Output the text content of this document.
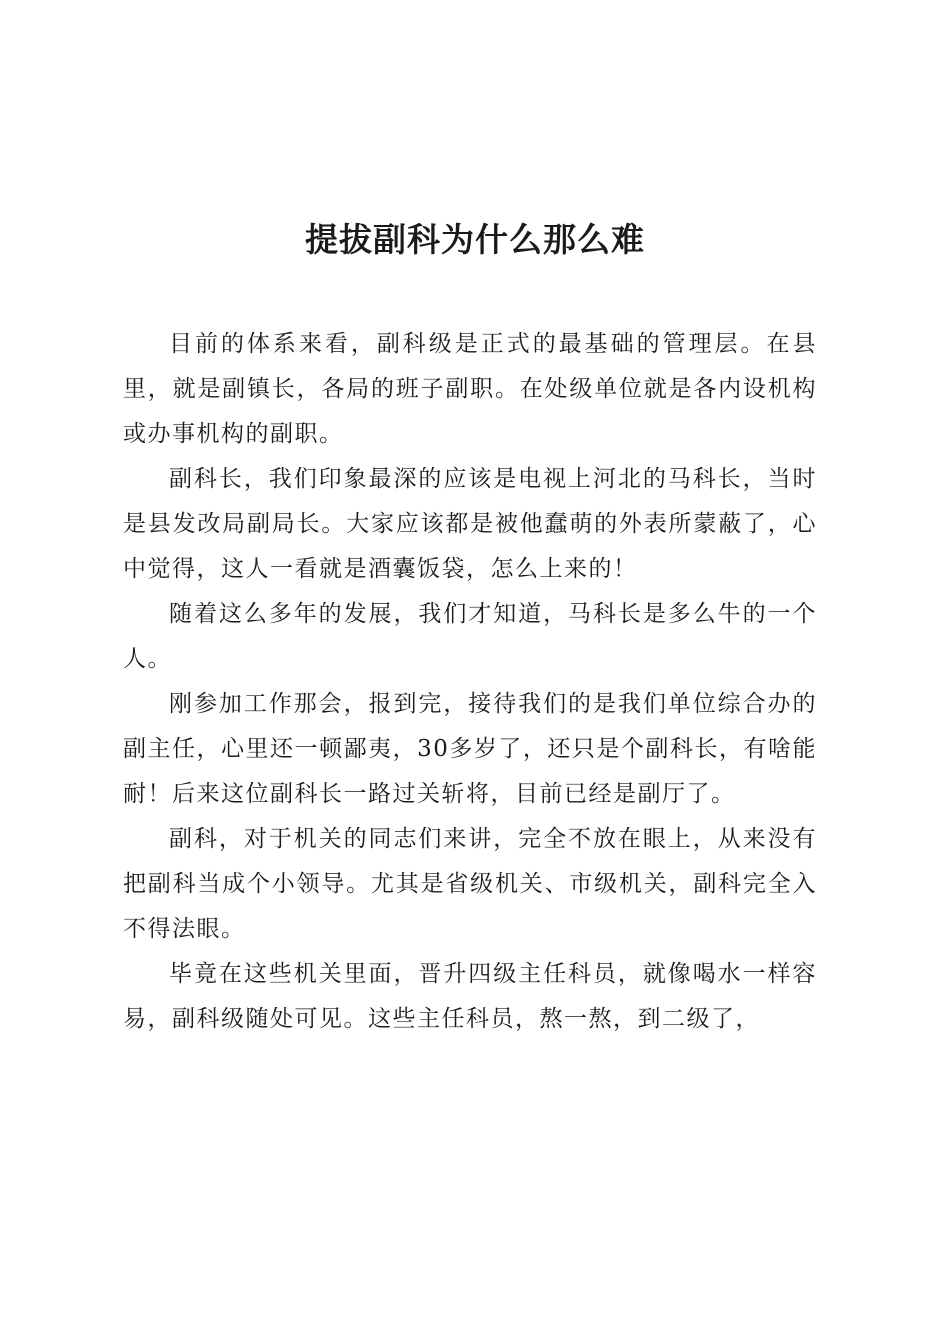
提拔副科为什么那么难

目前的体系来看，副科级是正式的最基础的管理层。在县里，就是副镇长，各局的班子副职。在处级单位就是各内设机构或办事机构的副职。

副科长，我们印象最深的应该是电视上河北的马科长，当时是县发改局副局长。大家应该都是被他蠢萌的外表所蒙蔽了，心中觉得，这人一看就是酒囊饭袋，怎么上来的！

随着这么多年的发展，我们才知道，马科长是多么牛的一个人。

刚参加工作那会，报到完，接待我们的是我们单位综合办的副主任，心里还一顿鄙夷，30多岁了，还只是个副科长，有啥能耐！后来这位副科长一路过关斩将，目前已经是副厅了。

副科，对于机关的同志们来讲，完全不放在眼上，从来没有把副科当成个小领导。尤其是省级机关、市级机关，副科完全入不得法眼。

毕竟在这些机关里面，晋升四级主任科员，就像喝水一样容易，副科级随处可见。这些主任科员，熬一熬，到二级了，
